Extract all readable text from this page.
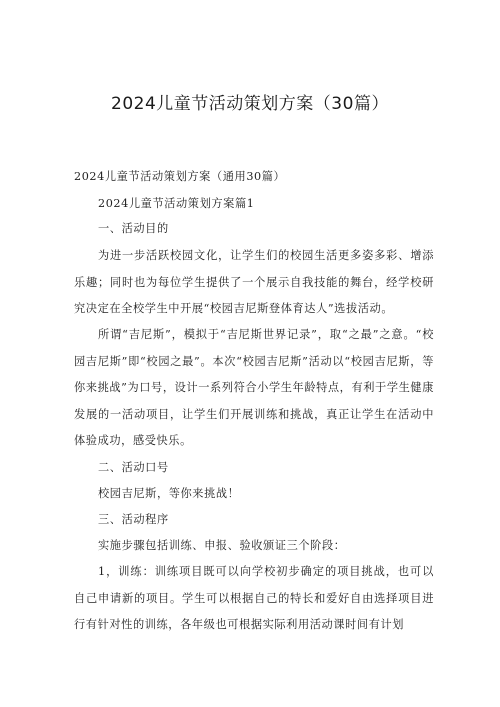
2024儿童节活动策划方案（30篇）

2024儿童节活动策划方案（通用30篇）

2024儿童节活动策划方案篇1

一、活动目的

为进一步活跃校园文化，让学生们的校园生活更多姿多彩、增添乐趣；同时也为每位学生提供了一个展示自我技能的舞台，经学校研究决定在全校学生中开展“校园吉尼斯登体育达人”选拔活动。

所谓“吉尼斯”，模拟于“吉尼斯世界记录”，取“之最”之意。“校园吉尼斯”即“校园之最”。本次“校园吉尼斯”活动以“校园吉尼斯，等你来挑战”为口号，设计一系列符合小学生年龄特点，有利于学生健康发展的一活动项目，让学生们开展训练和挑战，真正让学生在活动中体验成功，感受快乐。

二、活动口号

校园吉尼斯，等你来挑战！

三、活动程序

实施步骤包括训练、申报、验收颁证三个阶段：

1，训练：训练项目既可以向学校初步确定的项目挑战，也可以自己申请新的项目。学生可以根据自己的特长和爱好自由选择项目进行有针对性的训练，各年级也可根据实际利用活动课时间有计划
